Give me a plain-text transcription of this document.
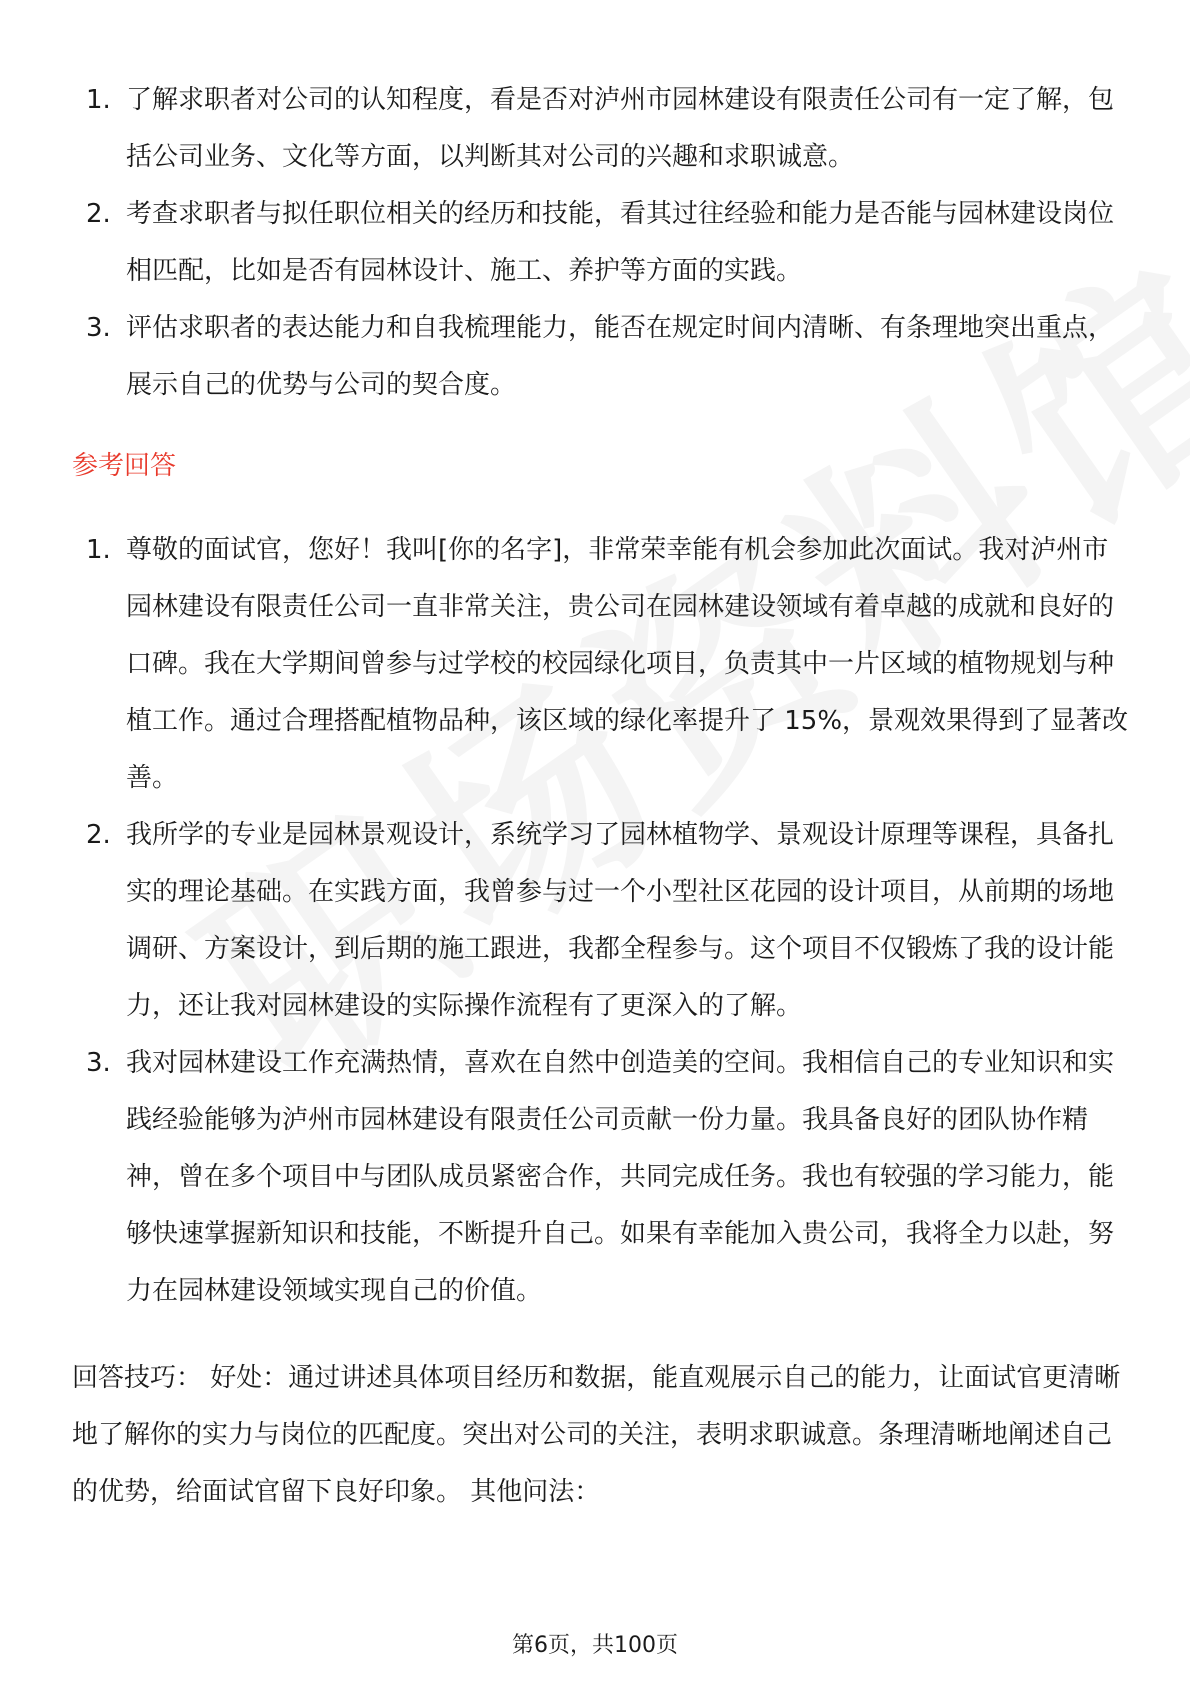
1. 了解求职者对公司的认知程度，看是否对泸州市园林建设有限责任公司有一定了解，包括公司业务、文化等方面，以判断其对公司的兴趣和求职诚意。
2. 考查求职者与拟任职位相关的经历和技能，看其过往经验和能力是否能与园林建设岗位相匹配，比如是否有园林设计、施工、养护等方面的实践。
3. 评估求职者的表达能力和自我梳理能力，能否在规定时间内清晰、有条理地突出重点，展示自己的优势与公司的契合度。
参考回答
1. 尊敬的面试官，您好！我叫[你的名字]，非常荣幸能有机会参加此次面试。我对泸州市园林建设有限责任公司一直非常关注，贵公司在园林建设领域有着卓越的成就和良好的口碑。我在大学期间曾参与过学校的校园绿化项目，负责其中一片区域的植物规划与种植工作。通过合理搭配植物品种，该区域的绿化率提升了 15%，景观效果得到了显著改善。
2. 我所学的专业是园林景观设计，系统学习了园林植物学、景观设计原理等课程，具备扎实的理论基础。在实践方面，我曾参与过一个小型社区花园的设计项目，从前期的场地调研、方案设计，到后期的施工跟进，我都全程参与。这个项目不仅锻炼了我的设计能力，还让我对园林建设的实际操作流程有了更深入的了解。
3. 我对园林建设工作充满热情，喜欢在自然中创造美的空间。我相信自己的专业知识和实践经验能够为泸州市园林建设有限责任公司贡献一份力量。我具备良好的团队协作精神，曾在多个项目中与团队成员紧密合作，共同完成任务。我也有较强的学习能力，能够快速掌握新知识和技能，不断提升自己。如果有幸能加入贵公司，我将全力以赴，努力在园林建设领域实现自己的价值。
回答技巧： 好处：通过讲述具体项目经历和数据，能直观展示自己的能力，让面试官更清晰地了解你的实力与岗位的匹配度。突出对公司的关注，表明求职诚意。条理清晰地阐述自己的优势，给面试官留下良好印象。 其他问法：
第6页，共100页
